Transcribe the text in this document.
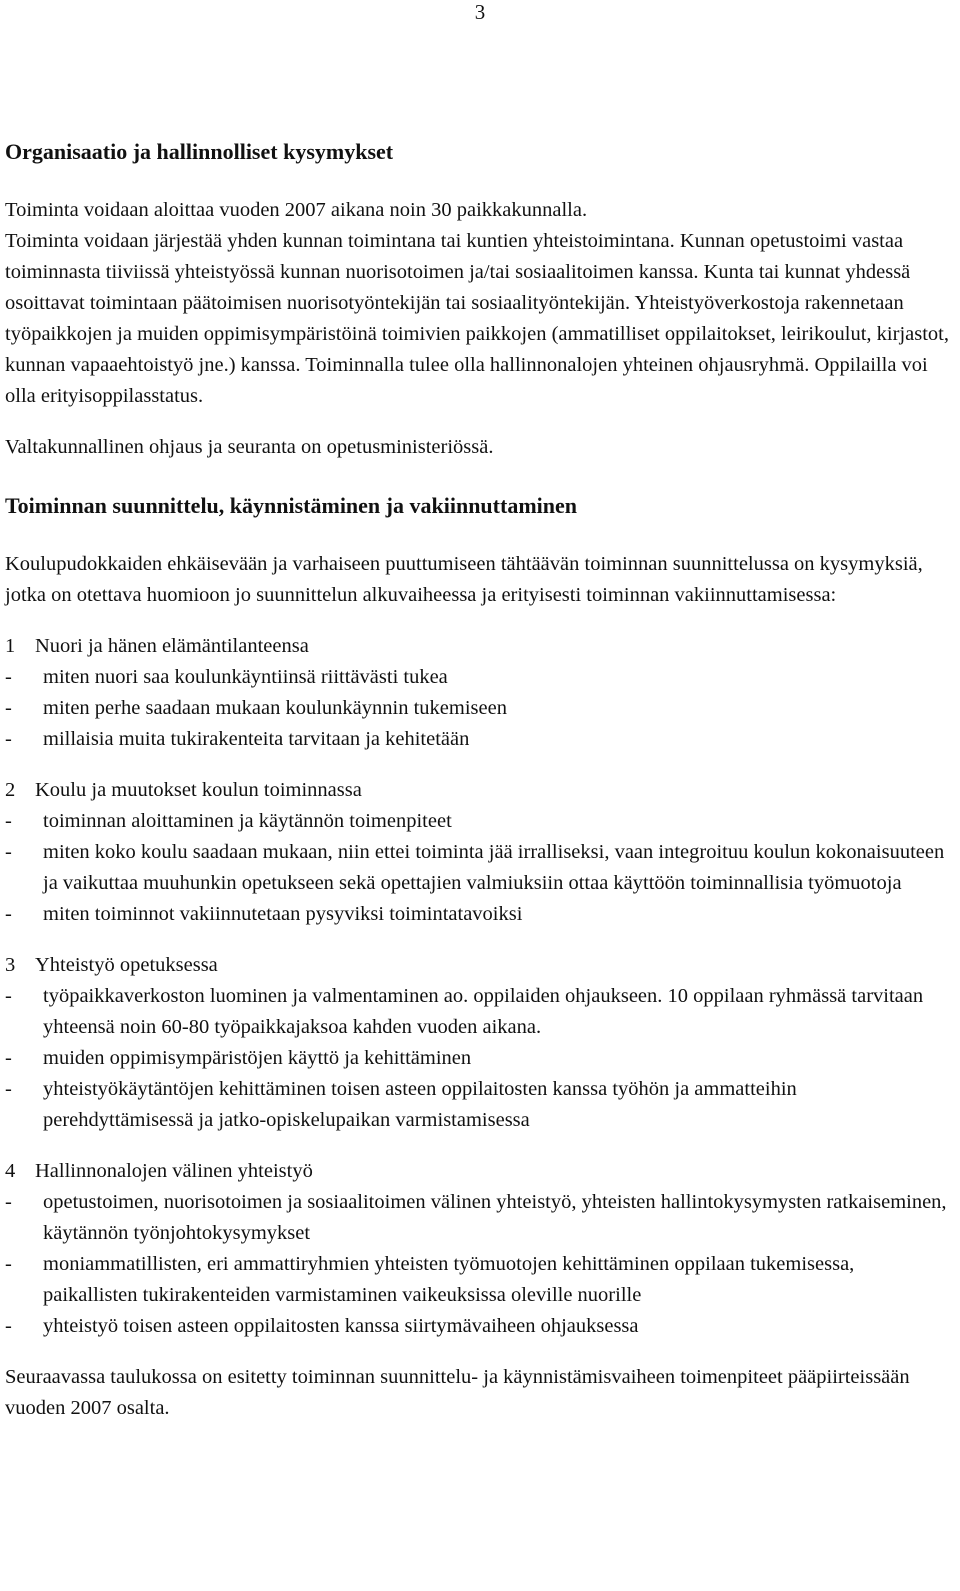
3
Organisaatio ja hallinnolliset kysymykset

Toiminta voidaan aloittaa vuoden 2007 aikana noin 30 paikkakunnalla.

Toiminta voidaan järjestää yhden kunnan toimintana tai kuntien yhteistoimintana. Kunnan opetustoimi vastaa toiminnasta tiiviissä yhteistyössä kunnan nuorisotoimen ja/tai sosiaalitoimen kanssa. Kunta tai kunnat yhdessä osoittavat toimintaan päätoimisen nuorisotyöntekijän tai sosiaalityöntekijän. Yhteistyöverkostoja rakennetaan työpaikkojen ja muiden oppimisympäristöinä toimivien paikkojen (ammatilliset oppilaitokset, leirikoulut, kirjastot, kunnan vapaaehtoistyö jne.) kanssa. Toiminnalla tulee olla hallinnonalojen yhteinen ohjausryhmä. Oppilailla voi olla erityisoppilasstatus.

Valtakunnallinen ohjaus ja seuranta on opetusministeriössä.

Toiminnan suunnittelu, käynnistäminen ja vakiinnuttaminen

Koulupudokkaiden ehkäisevään ja varhaiseen puuttumiseen tähtäävän toiminnan suunnittelussa on kysymyksiä, jotka on otettava huomioon jo suunnittelun alkuvaiheessa ja erityisesti toiminnan vakiinnuttamisessa:

1 Nuori ja hänen elämäntilanteensa

- miten nuori saa koulunkäyntiinsä riittävästi tukea

- miten perhe saadaan mukaan koulunkäynnin tukemiseen

- millaisia muita tukirakenteita tarvitaan ja kehitetään

2 Koulu ja muutokset koulun toiminnassa

- toiminnan aloittaminen ja käytännön toimenpiteet

- miten koko koulu saadaan mukaan, niin ettei toiminta jää irralliseksi, vaan integroituu koulun kokonaisuuteen ja vaikuttaa muuhunkin opetukseen sekä opettajien valmiuksiin ottaa käyttöön toiminnallisia työmuotoja

- miten toiminnot vakiinnutetaan pysyviksi toimintatavoiksi

3 Yhteistyö opetuksessa

- työpaikkaverkoston luominen ja valmentaminen ao. oppilaiden ohjaukseen. 10 oppilaan ryhmässä tarvitaan yhteensä noin 60-80 työpaikkajaksoa kahden vuoden aikana.

- muiden oppimisympäristöjen käyttö ja kehittäminen

- yhteistyökäytäntöjen kehittäminen toisen asteen oppilaitosten kanssa työhön ja ammatteihin perehdyttämisessä ja jatko-opiskelupaikan varmistamisessa

4 Hallinnonalojen välinen yhteistyö

- opetustoimen, nuorisotoimen ja sosiaalitoimen välinen yhteistyö, yhteisten hallintokysymysten ratkaiseminen, käytännön työnjohtokysymykset

- moniammatillisten, eri ammattiryhmien yhteisten työmuotojen kehittäminen oppilaan tukemisessa, paikallisten tukirakenteiden varmistaminen vaikeuksissa oleville nuorille

- yhteistyö toisen asteen oppilaitosten kanssa siirtymävaiheen ohjauksessa

Seuraavassa taulukossa on esitetty toiminnan suunnittelu- ja käynnistämisvaiheen toimenpiteet pääpiirteissään vuoden 2007 osalta.
